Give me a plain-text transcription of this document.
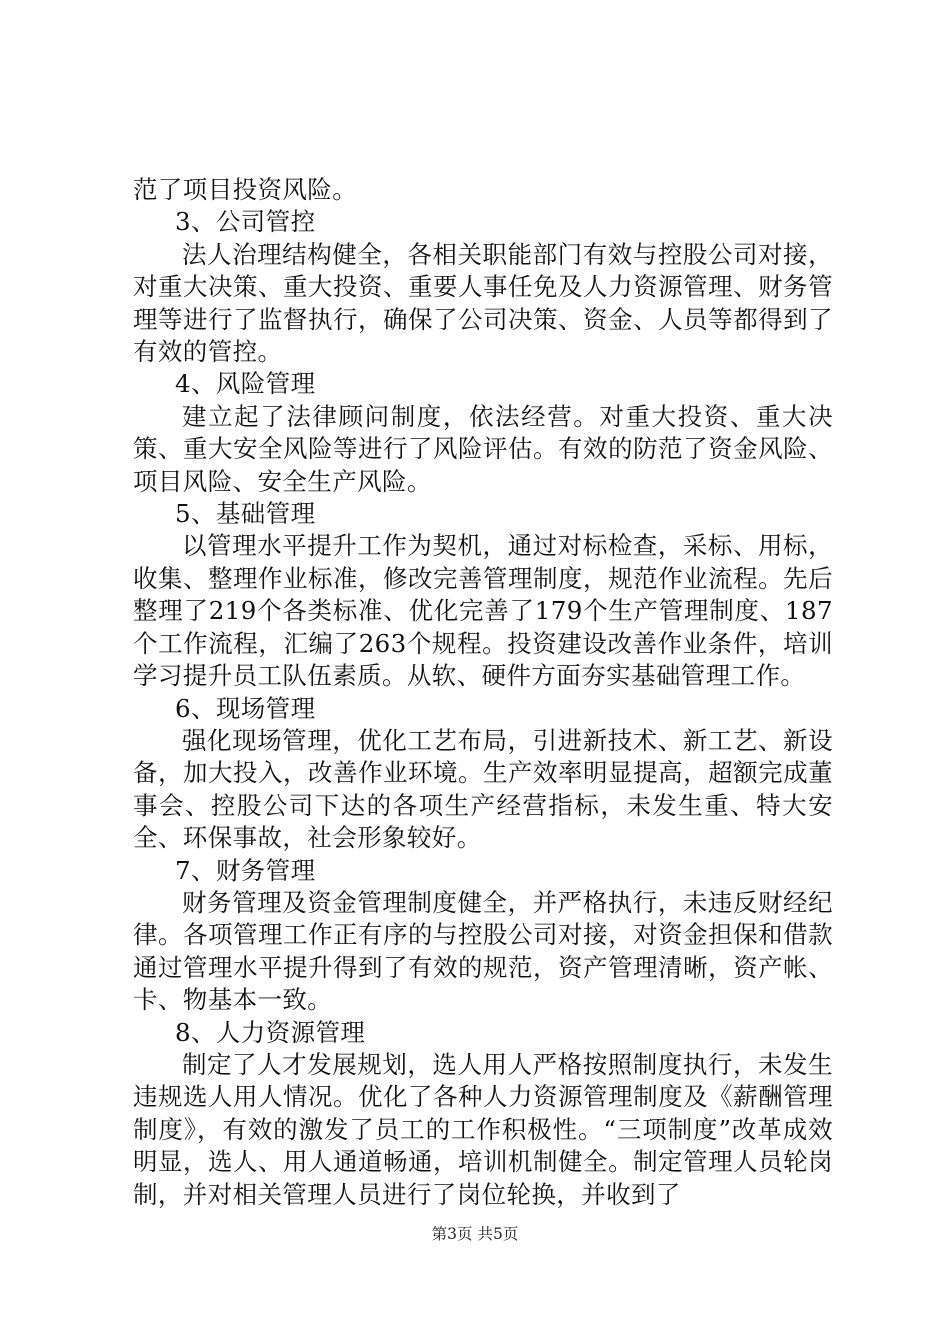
范了项目投资风险。

3、公司管控

法人治理结构健全，各相关职能部门有效与控股公司对接，对重大决策、重大投资、重要人事任免及人力资源管理、财务管理等进行了监督执行，确保了公司决策、资金、人员等都得到了有效的管控。

4、风险管理

建立起了法律顾问制度，依法经营。对重大投资、重大决策、重大安全风险等进行了风险评估。有效的防范了资金风险、项目风险、安全生产风险。

5、基础管理

以管理水平提升工作为契机，通过对标检查，采标、用标，收集、整理作业标准，修改完善管理制度，规范作业流程。先后整理了219个各类标准、优化完善了179个生产管理制度、187个工作流程，汇编了263个规程。投资建设改善作业条件，培训学习提升员工队伍素质。从软、硬件方面夯实基础管理工作。

6、现场管理

强化现场管理，优化工艺布局，引进新技术、新工艺、新设备，加大投入，改善作业环境。生产效率明显提高，超额完成董事会、控股公司下达的各项生产经营指标，未发生重、特大安全、环保事故，社会形象较好。

7、财务管理

财务管理及资金管理制度健全，并严格执行，未违反财经纪律。各项管理工作正有序的与控股公司对接，对资金担保和借款通过管理水平提升得到了有效的规范，资产管理清晰，资产帐、卡、物基本一致。

8、人力资源管理

制定了人才发展规划，选人用人严格按照制度执行，未发生违规选人用人情况。优化了各种人力资源管理制度及《薪酬管理制度》，有效的激发了员工的工作积极性。“三项制度”改革成效明显，选人、用人通道畅通，培训机制健全。制定管理人员轮岗制，并对相关管理人员进行了岗位轮换，并收到了

第3页 共5页
